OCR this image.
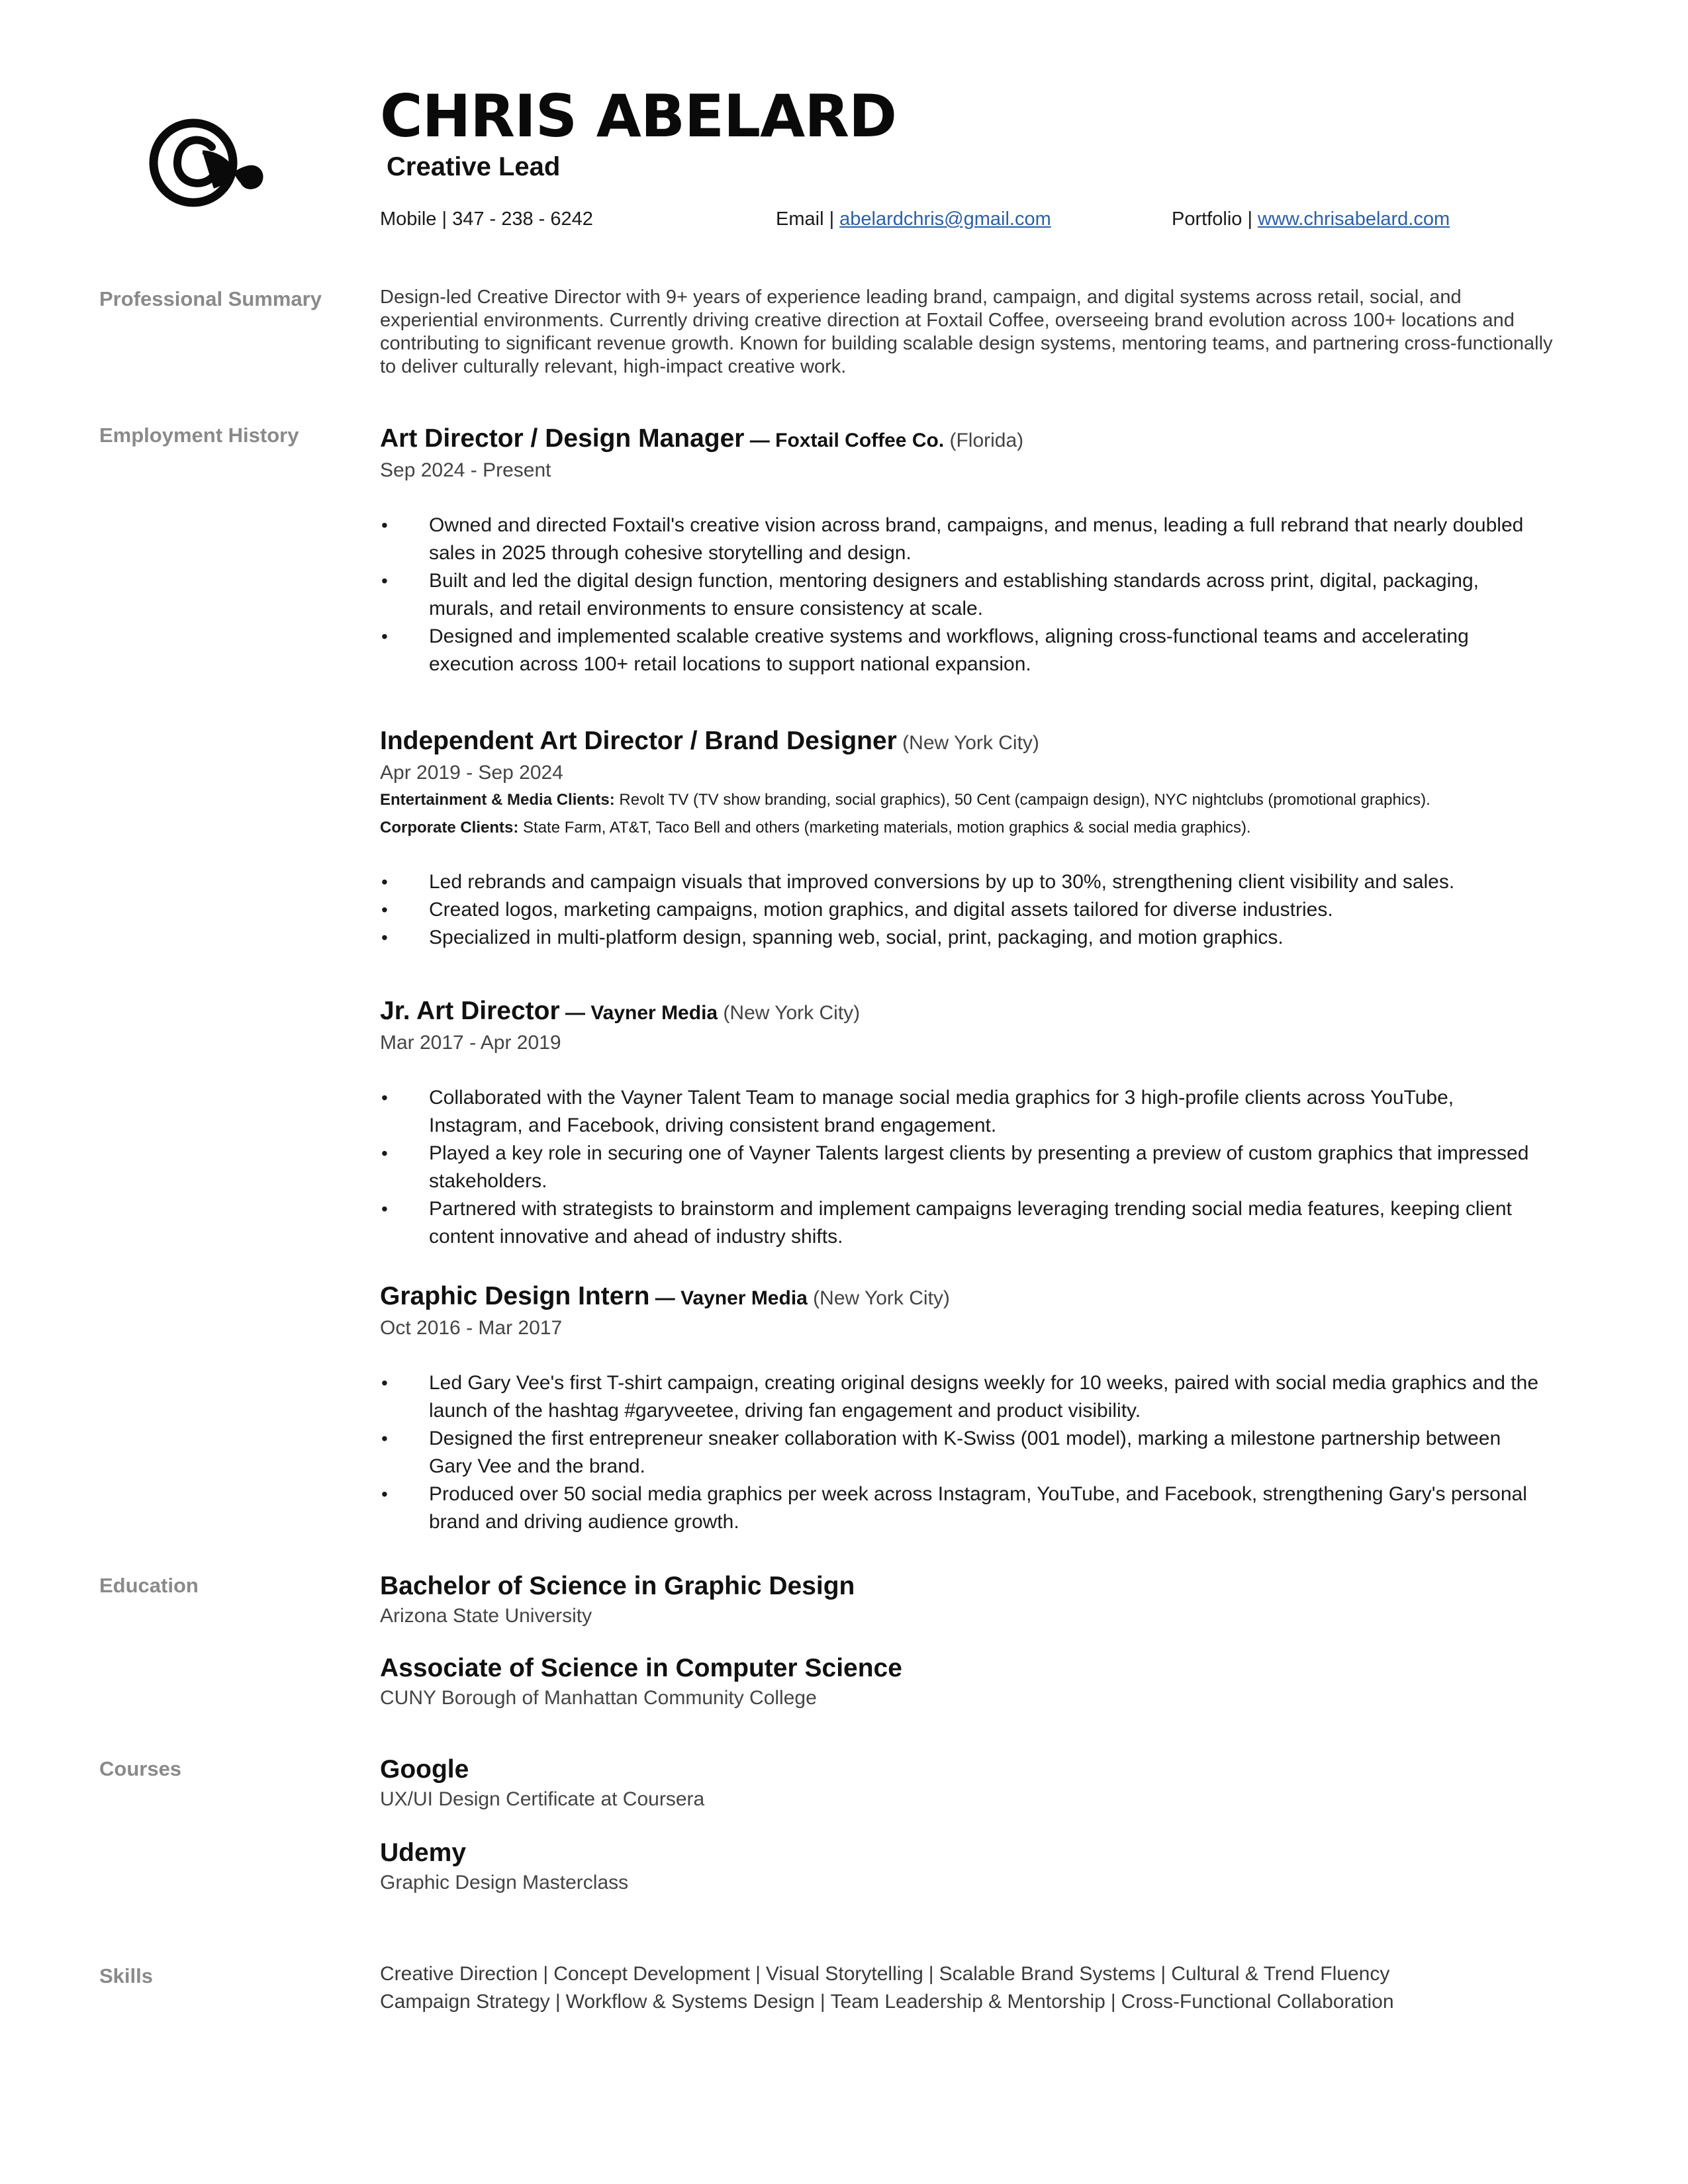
CHRIS ABELARD
Creative Lead
Mobile | 347 - 238 - 6242	Email | abelardchris@gmail.com	Portfolio | www.chrisabelard.com
Professional Summary
Employment History
Education
Courses
Skills

Design-led Creative Director with 9+ years of experience leading brand, campaign, and digital systems across retail, social, and experiential environments. Currently driving creative direction at Foxtail Coffee, overseeing brand evolution across 100+ locations and contributing to significant revenue growth. Known for building scalable design systems, mentoring teams, and partnering cross-functionally to deliver culturally relevant, high-impact creative work.

Art Director / Design Manager — Foxtail Coffee Co. (Florida)
Sep 2024 - Present
• Owned and directed Foxtail's creative vision across brand, campaigns, and menus, leading a full rebrand that nearly doubled sales in 2025 through cohesive storytelling and design.
• Built and led the digital design function, mentoring designers and establishing standards across print, digital, packaging, murals, and retail environments to ensure consistency at scale.
• Designed and implemented scalable creative systems and workflows, aligning cross-functional teams and accelerating execution across 100+ retail locations to support national expansion.
Independent Art Director / Brand Designer (New York City)
Apr 2019 - Sep 2024
Entertainment & Media Clients: Revolt TV (TV show branding, social graphics), 50 Cent (campaign design), NYC nightclubs (promotional graphics).
Corporate Clients: State Farm, AT&T, Taco Bell and others (marketing materials, motion graphics & social media graphics).
• Led rebrands and campaign visuals that improved conversions by up to 30%, strengthening client visibility and sales.
• Created logos, marketing campaigns, motion graphics, and digital assets tailored for diverse industries.
• Specialized in multi-platform design, spanning web, social, print, packaging, and motion graphics.
Jr. Art Director — Vayner Media (New York City)
Mar 2017 - Apr 2019
• Collaborated with the Vayner Talent Team to manage social media graphics for 3 high-profile clients across YouTube, Instagram, and Facebook, driving consistent brand engagement.
• Played a key role in securing one of Vayner Talents largest clients by presenting a preview of custom graphics that impressed stakeholders.
• Partnered with strategists to brainstorm and implement campaigns leveraging trending social media features, keeping client content innovative and ahead of industry shifts.
Graphic Design Intern — Vayner Media (New York City)
Oct 2016 - Mar 2017
• Led Gary Vee's first T-shirt campaign, creating original designs weekly for 10 weeks, paired with social media graphics and the launch of the hashtag #garyveetee, driving fan engagement and product visibility.
• Designed the first entrepreneur sneaker collaboration with K-Swiss (001 model), marking a milestone partnership between Gary Vee and the brand.
• Produced over 50 social media graphics per week across Instagram, YouTube, and Facebook, strengthening Gary's personal brand and driving audience growth.
Bachelor of Science in Graphic Design
Arizona State University
Associate of Science in Computer Science
CUNY Borough of Manhattan Community College
Google
UX/UI Design Certificate at Coursera
Udemy
Graphic Design Masterclass
Creative Direction | Concept Development | Visual Storytelling | Scalable Brand Systems | Cultural & Trend Fluency
Campaign Strategy | Workflow & Systems Design | Team Leadership & Mentorship | Cross-Functional Collaboration
